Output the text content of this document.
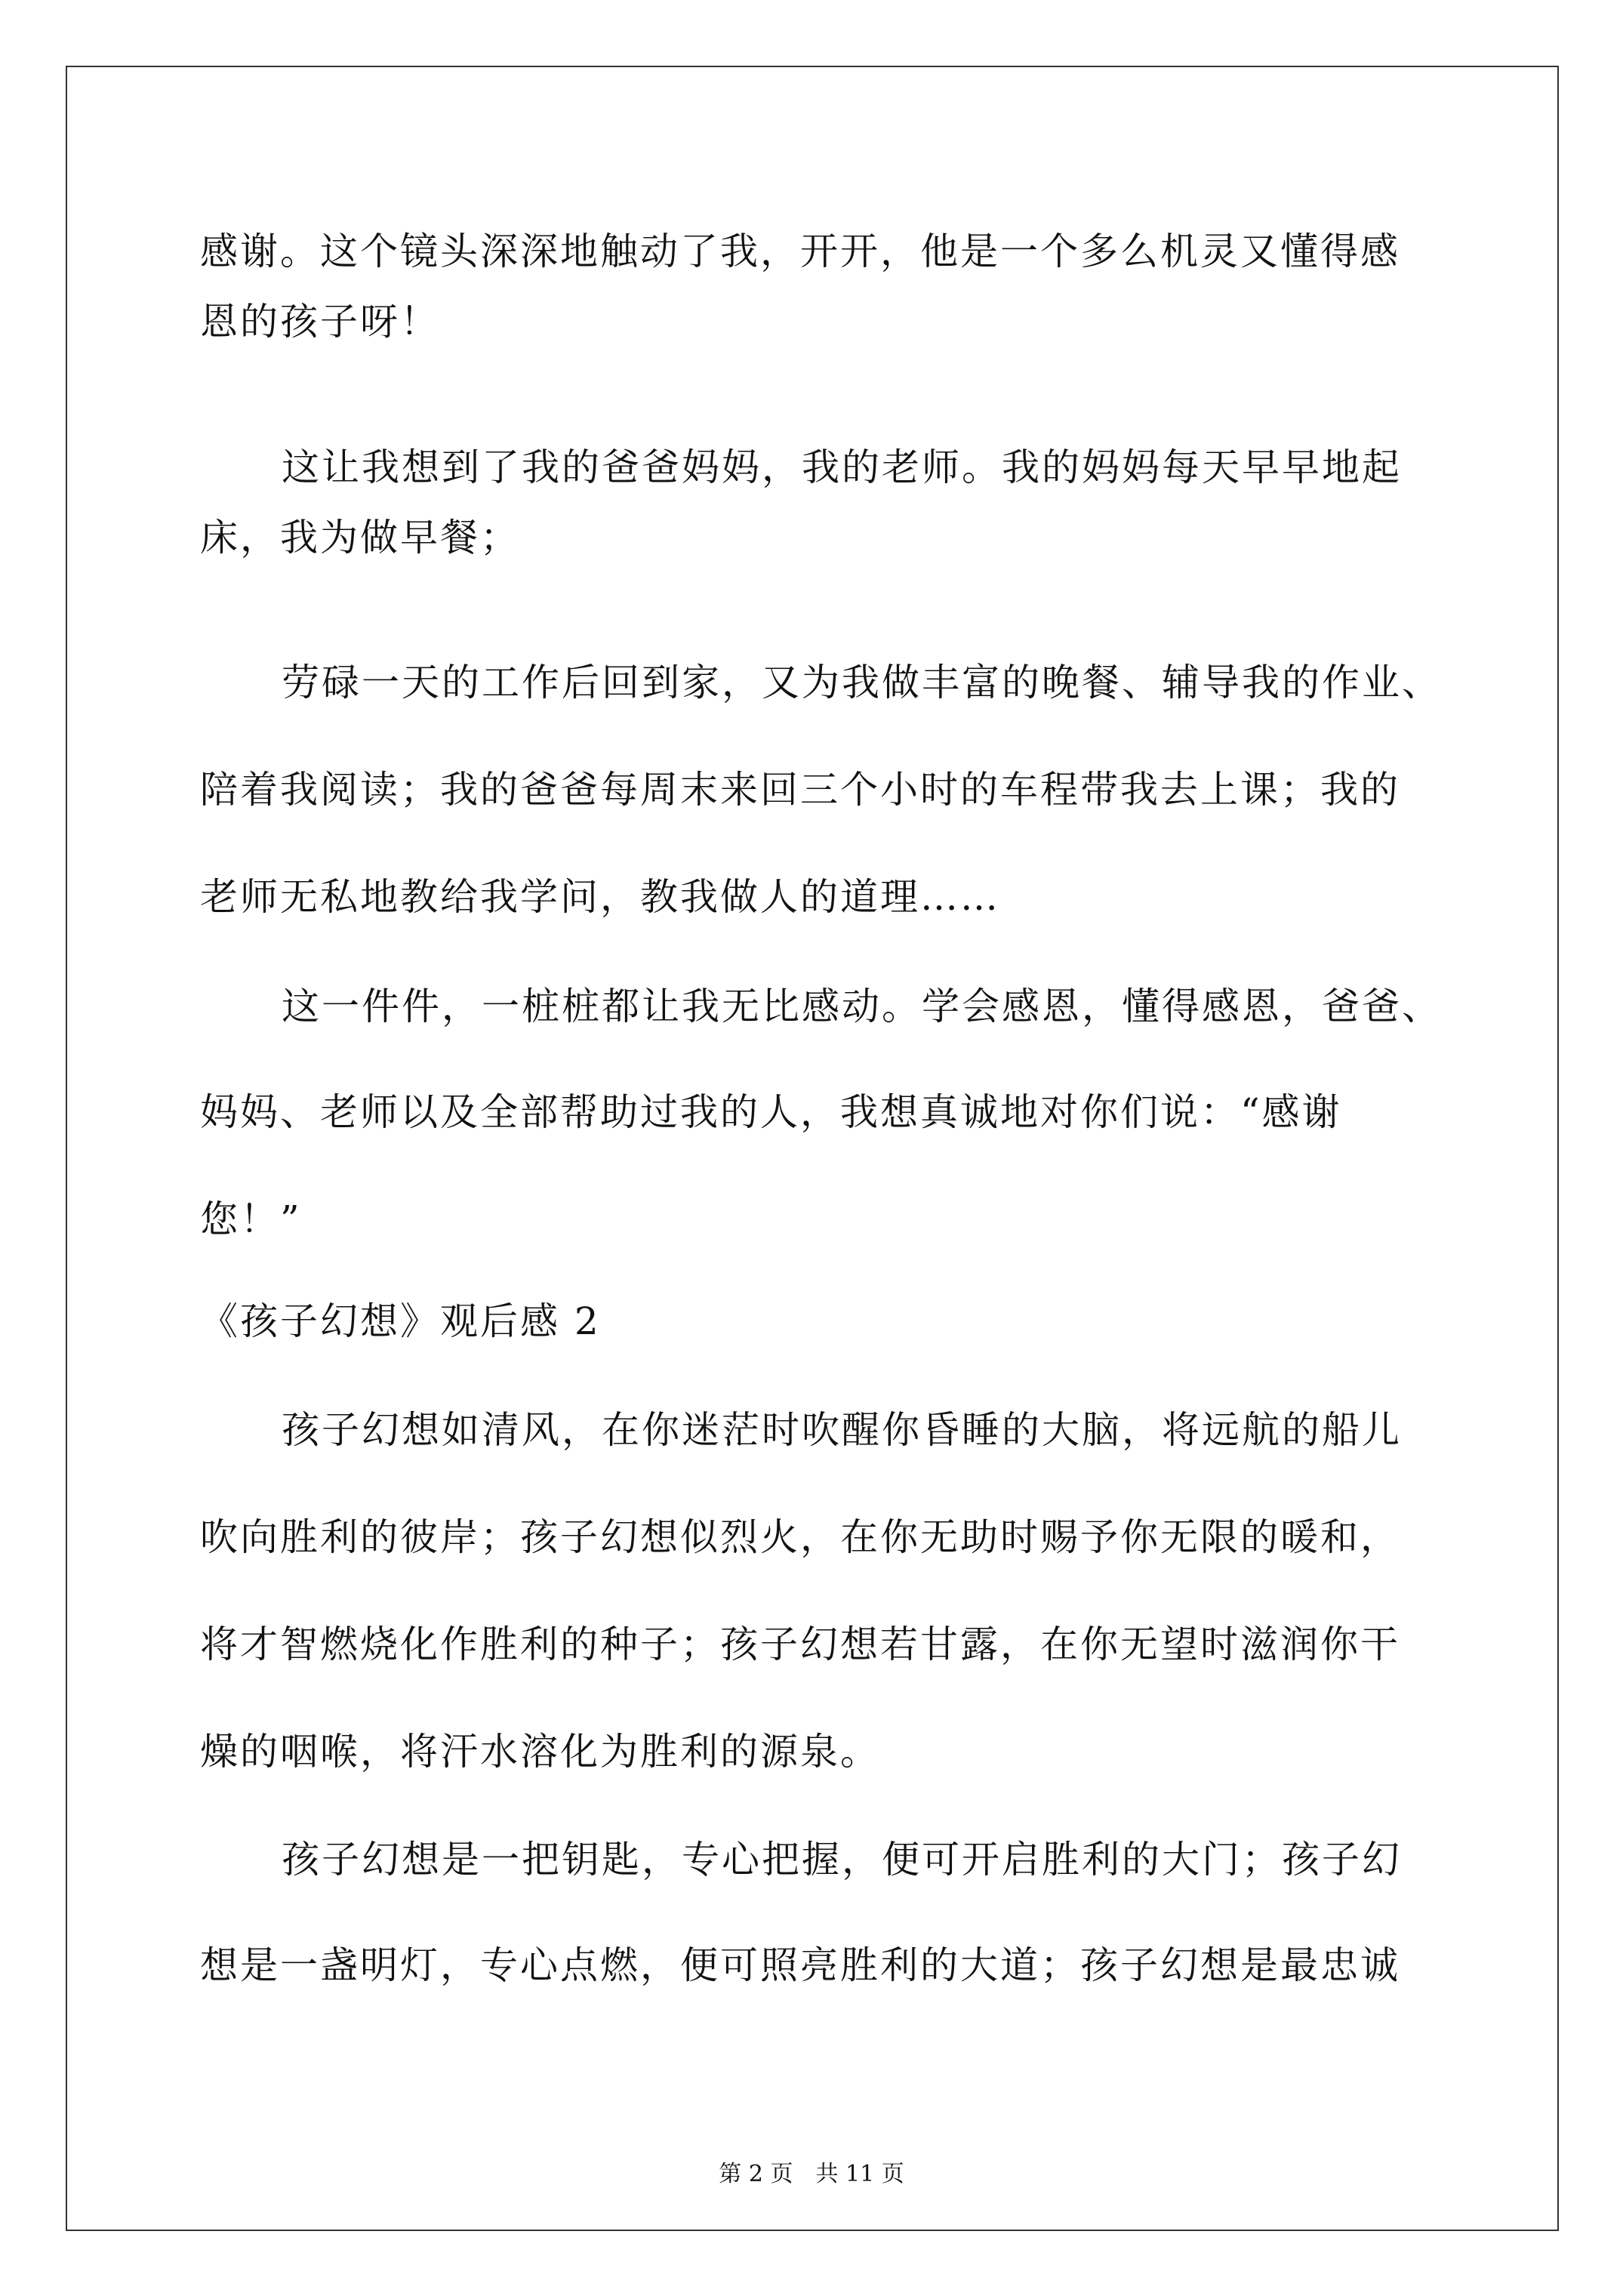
感谢。这个镜头深深地触动了我，开开，他是一个多么机灵又懂得感
恩的孩子呀！
这让我想到了我的爸爸妈妈，我的老师。我的妈妈每天早早地起
床，我为做早餐；
劳碌一天的工作后回到家，又为我做丰富的晚餐、辅导我的作业、
陪着我阅读；我的爸爸每周末来回三个小时的车程带我去上课；我的
老师无私地教给我学问，教我做人的道理……
这一件件，一桩桩都让我无比感动。学会感恩，懂得感恩，爸爸、
妈妈、老师以及全部帮助过我的人，我想真诚地对你们说：“感谢
您！”
《孩子幻想》观后感 2
孩子幻想如清风，在你迷茫时吹醒你昏睡的大脑，将远航的船儿
吹向胜利的彼岸；孩子幻想似烈火，在你无助时赐予你无限的暖和，
将才智燃烧化作胜利的种子；孩子幻想若甘露，在你无望时滋润你干
燥的咽喉，将汗水溶化为胜利的源泉。
孩子幻想是一把钥匙，专心把握，便可开启胜利的大门；孩子幻
想是一盏明灯，专心点燃，便可照亮胜利的大道；孩子幻想是最忠诚
第 2 页　共 11 页
